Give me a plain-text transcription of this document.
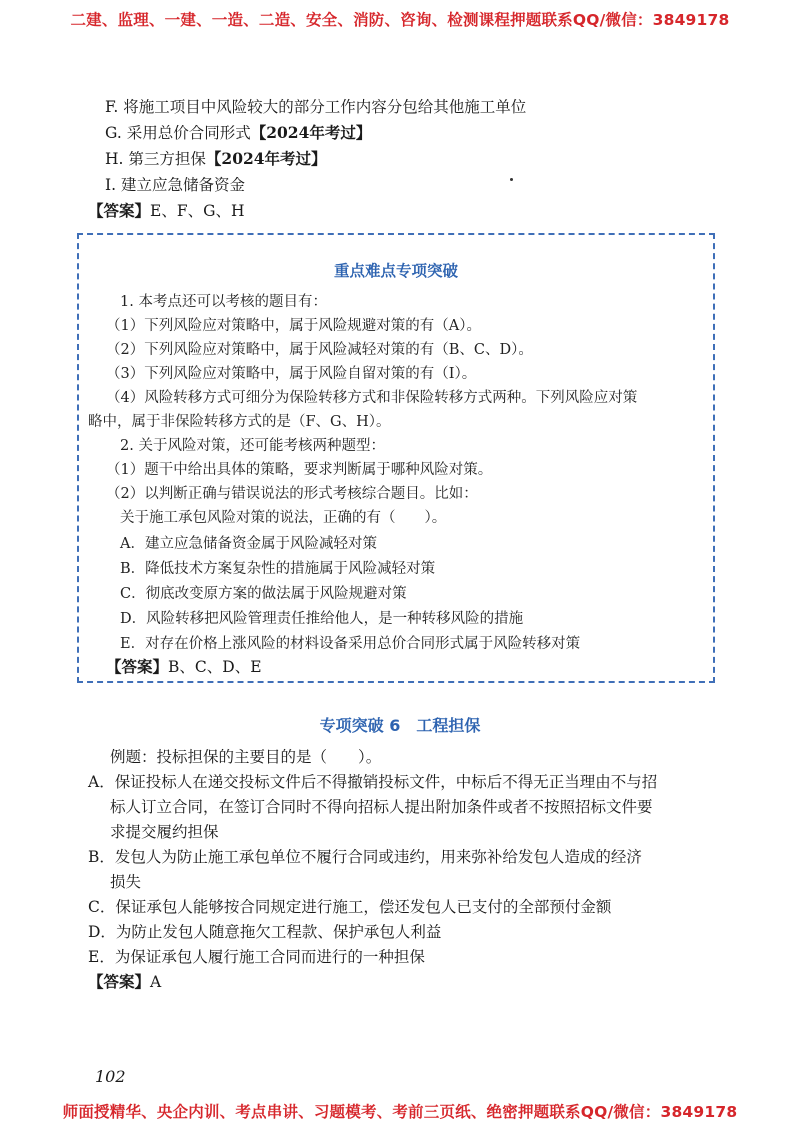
二建、监理、一建、一造、二造、安全、消防、咨询、检测课程押题联系QQ/微信：3849178
F. 将施工项目中风险较大的部分工作内容分包给其他施工单位
G. 采用总价合同形式【2024年考过】
H. 第三方担保【2024年考过】
I. 建立应急储备资金
【答案】E、F、G、H
重点难点专项突破
1. 本考点还可以考核的题目有：
（1）下列风险应对策略中，属于风险规避对策的有（A）。
（2）下列风险应对策略中，属于风险减轻对策的有（B、C、D）。
（3）下列风险应对策略中，属于风险自留对策的有（I）。
（4）风险转移方式可细分为保险转移方式和非保险转移方式两种。下列风险应对策
略中，属于非保险转移方式的是（F、G、H）。
2. 关于风险对策，还可能考核两种题型：
（1）题干中给出具体的策略，要求判断属于哪种风险对策。
（2）以判断正确与错误说法的形式考核综合题目。比如：
关于施工承包风险对策的说法，正确的有（　　）。
A．建立应急储备资金属于风险减轻对策
B．降低技术方案复杂性的措施属于风险减轻对策
C．彻底改变原方案的做法属于风险规避对策
D．风险转移把风险管理责任推给他人，是一种转移风险的措施
E．对存在价格上涨风险的材料设备采用总价合同形式属于风险转移对策
【答案】B、C、D、E
专项突破 6　工程担保
例题：投标担保的主要目的是（　　）。
A．保证投标人在递交投标文件后不得撤销投标文件，中标后不得无正当理由不与招
标人订立合同，在签订合同时不得向招标人提出附加条件或者不按照招标文件要
求提交履约担保
B．发包人为防止施工承包单位不履行合同或违约，用来弥补给发包人造成的经济
损失
C．保证承包人能够按合同规定进行施工，偿还发包人已支付的全部预付金额
D．为防止发包人随意拖欠工程款、保护承包人利益
E．为保证承包人履行施工合同而进行的一种担保
【答案】A
102
师面授精华、央企内训、考点串讲、习题模考、考前三页纸、绝密押题联系QQ/微信：3849178
